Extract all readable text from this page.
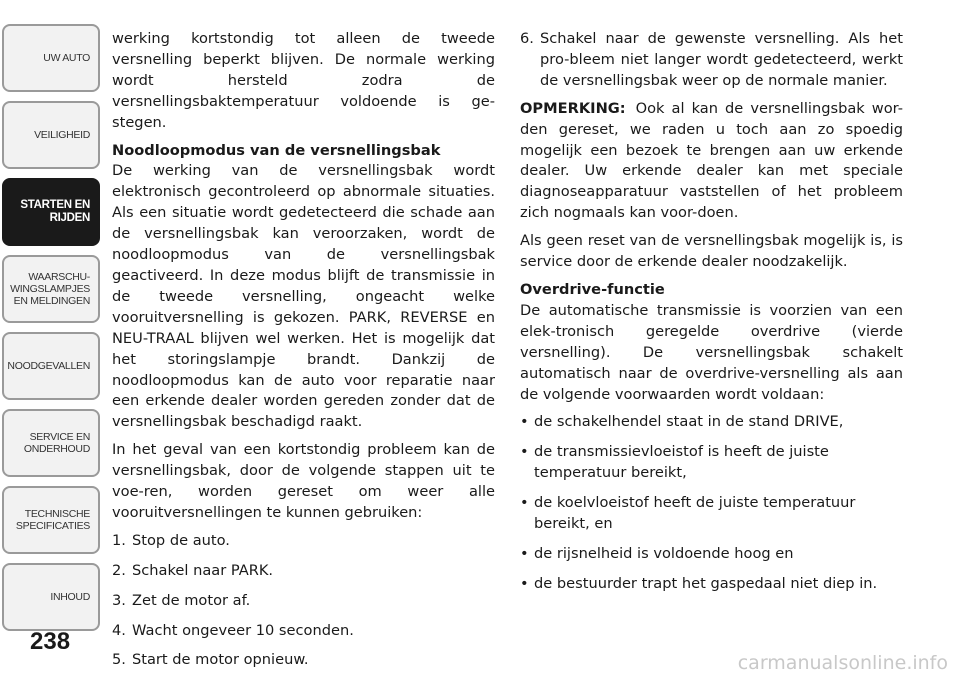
UW AUTO
VEILIGHEID
STARTEN EN
RIJDEN
WAARSCHU-
WINGSLAMPJES
EN MELDINGEN
NOODGEVALLEN
SERVICE EN
ONDERHOUD
TECHNISCHE
SPECIFICATIES
INHOUD
238

werking kortstondig tot alleen de tweede versnelling beperkt blijven. De normale werking wordt hersteld zodra de versnellingsbaktemperatuur voldoende is ge-stegen.

Noodloopmodus van de versnellingsbak

De werking van de versnellingsbak wordt elektronisch gecontroleerd op abnormale situaties. Als een situatie wordt gedetecteerd die schade aan de versnellingsbak kan veroorzaken, wordt de noodloopmodus van de versnellingsbak geactiveerd. In deze modus blijft de transmissie in de tweede versnelling, ongeacht welke vooruitversnelling is gekozen. PARK, REVERSE en NEU-TRAAL blijven wel werken. Het is mogelijk dat het storingslampje brandt. Dankzij de noodloopmodus kan de auto voor reparatie naar een erkende dealer worden gereden zonder dat de versnellingsbak beschadigd raakt.

In het geval van een kortstondig probleem kan de versnellingsbak, door de volgende stappen uit te voe-ren, worden gereset om weer alle vooruitversnellingen te kunnen gebruiken:

1. Stop de auto.
2. Schakel naar PARK.
3. Zet de motor af.
4. Wacht ongeveer 10 seconden.
5. Start de motor opnieuw.
6. Schakel naar de gewenste versnelling. Als het pro-bleem niet langer wordt gedetecteerd, werkt de versnellingsbak weer op de normale manier.

OPMERKING: Ook al kan de versnellingsbak wor-den gereset, we raden u toch aan zo spoedig mogelijk een bezoek te brengen aan uw erkende dealer. Uw erkende dealer kan met speciale diagnoseapparatuur vaststellen of het probleem zich nogmaals kan voor-doen.

Als geen reset van de versnellingsbak mogelijk is, is service door de erkende dealer noodzakelijk.

Overdrive-functie

De automatische transmissie is voorzien van een elek-tronisch geregelde overdrive (vierde versnelling). De versnellingsbak schakelt automatisch naar de overdrive-versnelling als aan de volgende voorwaarden wordt voldaan:

• de schakelhendel staat in de stand DRIVE,
• de transmissievloeistof is heeft de juiste temperatuur bereikt,
• de koelvloeistof heeft de juiste temperatuur bereikt, en
• de rijsnelheid is voldoende hoog en
• de bestuurder trapt het gaspedaal niet diep in.
carmanualsonline.info
